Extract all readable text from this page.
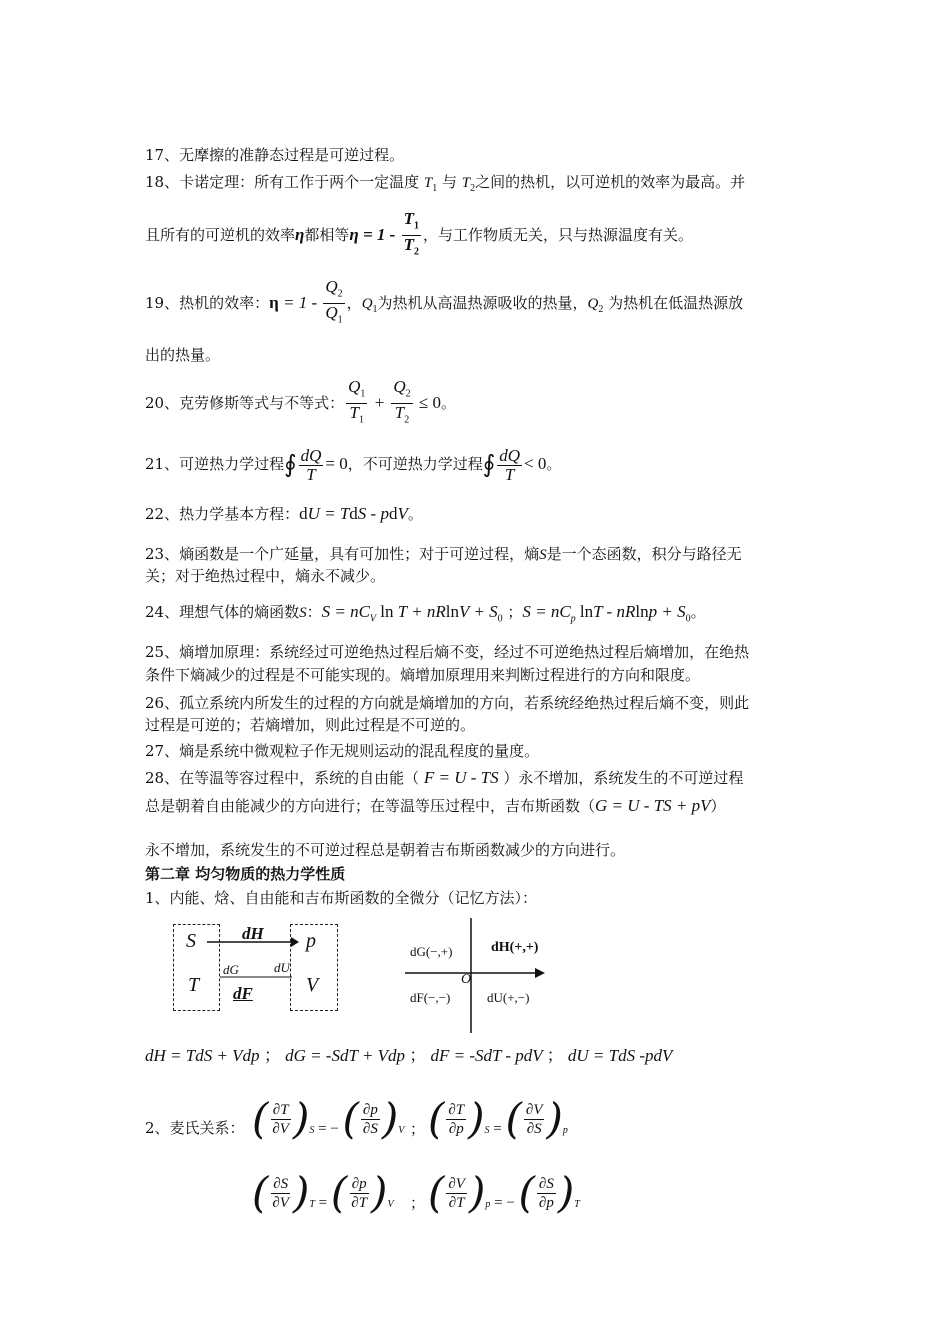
17、无摩擦的准静态过程是可逆过程。
18、卡诺定理：所有工作于两个一定温度 $T_1$ 与 $T_2$之间的热机，以可逆机的效率为最高。并
且所有的可逆机的效率η都相等$\eta = 1 - \frac{T_1}{T_2}$ ，与工作物质无关，只与热源温度有关。
19、热机的效率：$\eta = 1 - \frac{Q_2}{Q_1}$ ，$Q_1$为热机从高温热源吸收的热量，$Q_2$ 为热机在低温热源放
出的热量。
20、克劳修斯等式与不等式： $\frac{Q_1}{T_1} + \frac{Q_2}{T_2} \le 0$。
21、可逆热力学过程∮ $\frac{dQ}{T} = 0$，不可逆热力学过程∮ $\frac{dQ}{T} < 0$。
22、热力学基本方程：dU = TdS - pdV。
23、熵函数是一个广延量，具有可加性；对于可逆过程，熵S是一个态函数，积分与路径无
关；对于绝热过程中，熵永不减少。
24、理想气体的熵函数S：$S = nC_V$ $\ln T + nRlnV + S_0$ ；$S = nC_p$ $\ln T - nRlnp + S_0$。
25、熵增加原理：系统经过可逆绝热过程后熵不变，经过不可逆绝热过程后熵增加，在绝热
条件下熵减少的过程是不可能实现的。熵增加原理用来判断过程进行的方向和限度。
26、孤立系统内所发生的过程的方向就是熵增加的方向，若系统经绝热过程后熵不变，则此
过程是可逆的；若熵增加，则此过程是不可逆的。
27、熵是系统中微观粒子作无规则运动的混乱程度的量度。
28、在等温等容过程中，系统的自由能（ F = U - TS ）永不增加，系统发生的不可逆过程
总是朝着自由能减少的方向进行；在等温等压过程中，吉布斯函数（G = U - TS + pV）
永不增加，系统发生的不可逆过程总是朝着吉布斯函数减少的方向进行。
第二章 均匀物质的热力学性质
1、内能、焓、自由能和吉布斯函数的全微分（记忆方法）：
S	p
T	V
dH
dG	dU
dF
dG(−,+)	dH(+,+)
dF(−,−)	dU(+,−)
O
dH = TdS + Vdp ； dG = -SdT + Vdp ； dF = -SdT - pdV ； dU = TdS -pdV
2、麦氏关系： ( $\frac{\partial T}{\partial V}$ ) S = − ( $\frac{\partial p}{\partial S}$ ) V ； ( $\frac{\partial T}{\partial p}$ ) S = ( $\frac{\partial V}{\partial S}$ ) p
( $\frac{\partial S}{\partial V}$ ) T = ( $\frac{\partial p}{\partial T}$ ) V ； ( $\frac{\partial V}{\partial T}$ ) p = − ( $\frac{\partial S}{\partial p}$ ) T
